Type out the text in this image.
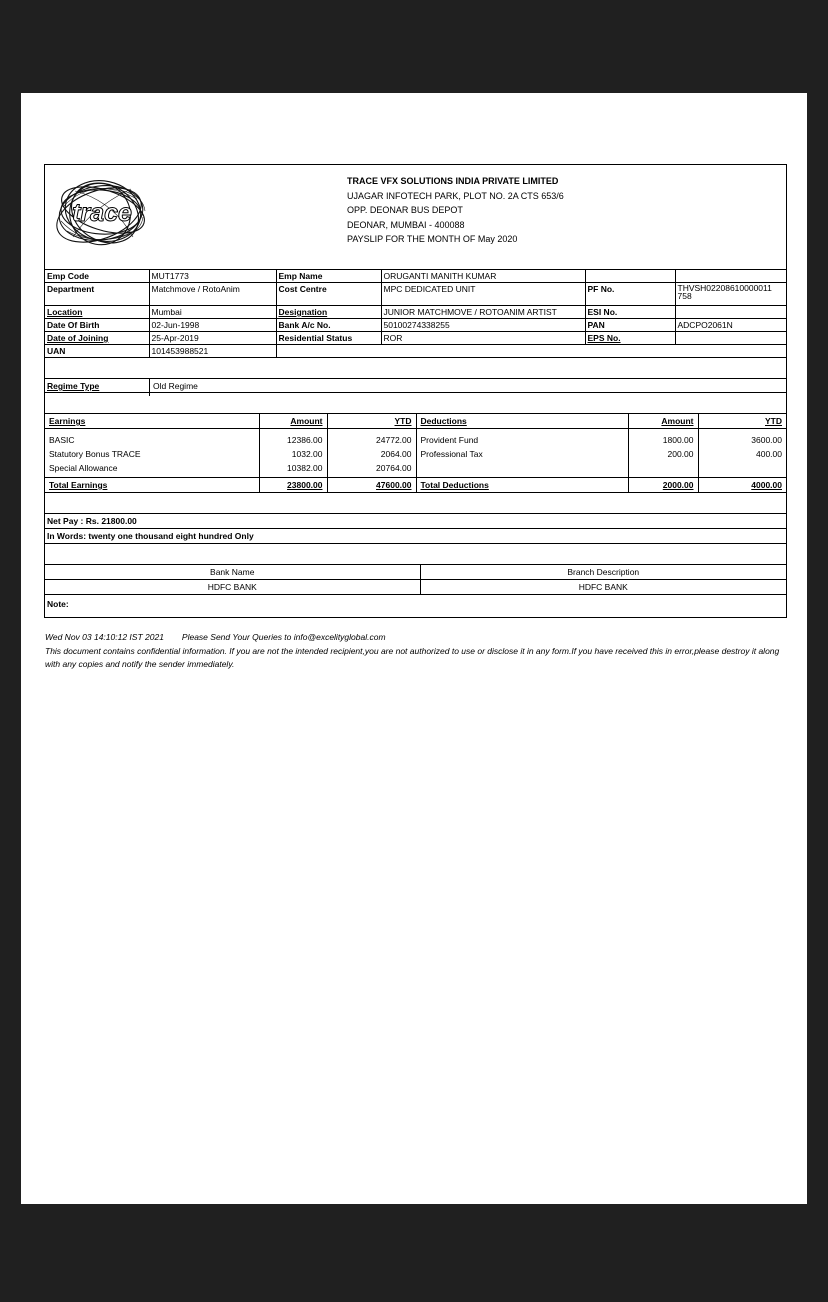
trace
TRACE VFX SOLUTIONS INDIA PRIVATE LIMITED
UJAGAR INFOTECH PARK, PLOT NO. 2A CTS 653/6
OPP. DEONAR BUS DEPOT
DEONAR, MUMBAI - 400088
PAYSLIP FOR THE MONTH OF May 2020
Emp Code	MUT1773	Emp Name	ORUGANTI MANITH KUMAR		
Department	Matchmove / RotoAnim	Cost Centre	MPC DEDICATED UNIT	PF No.	THVSH02208610000011
758

Location	Mumbai	Designation	JUNIOR MATCHMOVE / ROTOANIM ARTIST	ESI No.	
Date Of Birth	02-Jun-1998	Bank A/c No.	50100274338255	PAN	ADCPO2061N
Date of Joining	25-Apr-2019	Residential Status	ROR	EPS No.	
UAN	101453988521				
Regime Type	Old Regime
Earnings	Amount	YTD	Deductions	Amount	YTD
BASIC	12386.00	24772.00	Provident Fund	1800.00	3600.00
Statutory Bonus TRACE	1032.00	2064.00	Professional Tax	200.00	400.00
Special Allowance	10382.00	20764.00			
Total Earnings	23800.00	47600.00	Total Deductions	2000.00	4000.00
Net Pay : Rs. 21800.00
In Words: twenty one thousand eight hundred Only
Bank Name	Branch Description
HDFC BANK	HDFC BANK
Note:
Wed Nov 03 14:10:12 IST 2021 Please Send Your Queries to info@excelityglobal.com
This document contains confidential information. If you are not the intended recipient,you are not authorized to use or disclose it in any form.If you have received this in error,please destroy it along with any copies and notify the sender immediately.
